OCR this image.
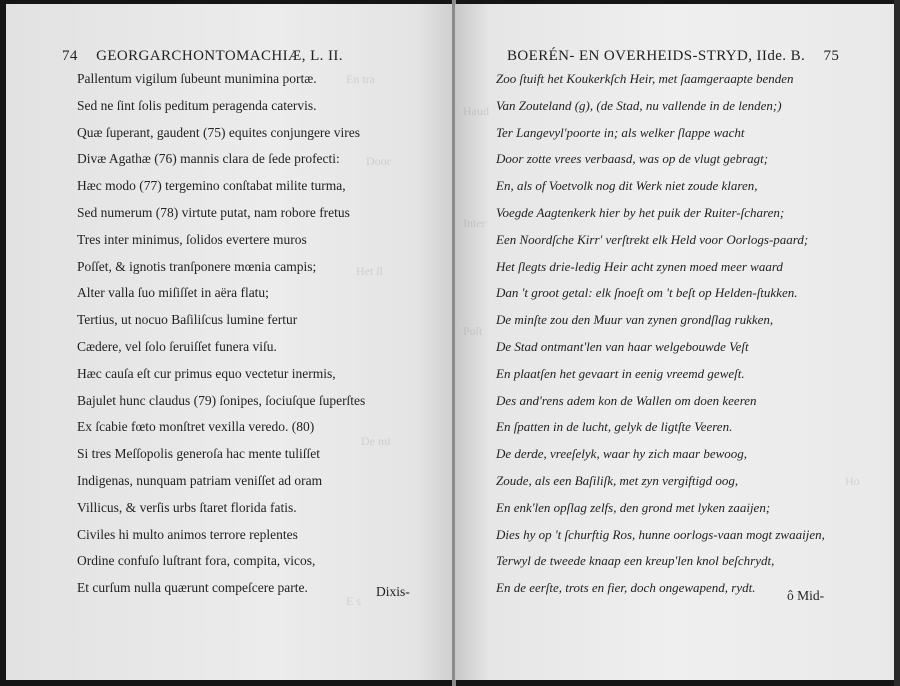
En tra
Door
Het ſl
De mi
E s
74 GEORGARCHONTOMACHIÆ, L. II.
Pallentum vigilum ſubeunt munimina portæ.
Sed ne ſint ſolis peditum peragenda catervis.
Quæ ſuperant, gaudent (75) equites conjungere vires
Divæ Agathæ (76) mannis clara de ſede profecti:
Hæc modo (77) tergemino conſtabat milite turma,
Sed numerum (78) virtute putat, nam robore fretus
Tres inter minimus, ſolidos evertere muros
Poſſet, & ignotis tranſponere mœnia campis;
Alter valla ſuo miſiſſet in aëra flatu;
Tertius, ut nocuo Baſiliſcus lumine fertur
Cædere, vel ſolo ſeruiſſet funera viſu.
Hæc cauſa eſt cur primus equo vectetur inermis,
Bajulet hunc claudus (79) ſonipes, ſociuſque ſuperſtes
Ex ſcabie fœto monſtret vexilla veredo. (80)
Si tres Meſſopolis generoſa hac mente tuliſſet
Indigenas, nunquam patriam veniſſet ad oram
Villicus, & verſis urbs ſtaret florida fatis.
Civiles hi multo animos terrore replentes
Ordine confuſo luſtrant fora, compita, vicos,
Et curſum nulla quærunt compeſcere parte.	Dixis-
Haud
Inter
Poſt
Ho
BOERÉN- EN OVERHEIDS-STRYD, IIde. B. 75
Zoo ſtuift het Koukerkſch Heir, met ſaamgeraapte benden
Van Zouteland (g), (de Stad, nu vallende in de lenden;)
Ter Langevyl'poorte in; als welker ſlappe wacht
Door zotte vrees verbaasd, was op de vlugt gebragt;
En, als of Voetvolk nog dit Werk niet zoude klaren,
Voegde Aagtenkerk hier by het puik der Ruiter-ſcharen;
Een Noordſche Kirr' verſtrekt elk Held voor Oorlogs-paard;
Het ſlegts drie-ledig Heir acht zynen moed meer waard
Dan 't groot getal: elk ſnoeſt om 't beſt op Helden-ſtukken.
De minſte zou den Muur van zynen grondſlag rukken,
De Stad ontmant'len van haar welgebouwde Veſt
En plaatſen het gevaart in eenig vreemd geweſt.
Des and'rens adem kon de Wallen om doen keeren
En ſpatten in de lucht, gelyk de ligtſte Veeren.
De derde, vreeſelyk, waar hy zich maar bewoog,
Zoude, als een Baſiliſk, met zyn vergiftigd oog,
En enk'len opſlag zelfs, den grond met lyken zaaijen;
Dies hy op 't ſchurftig Ros, hunne oorlogs-vaan mogt zwaaijen,
Terwyl de tweede knaap een kreup'len knol beſchrydt,
En de eerſte, trots en fier, doch ongewapend, rydt.
ô Mid-
